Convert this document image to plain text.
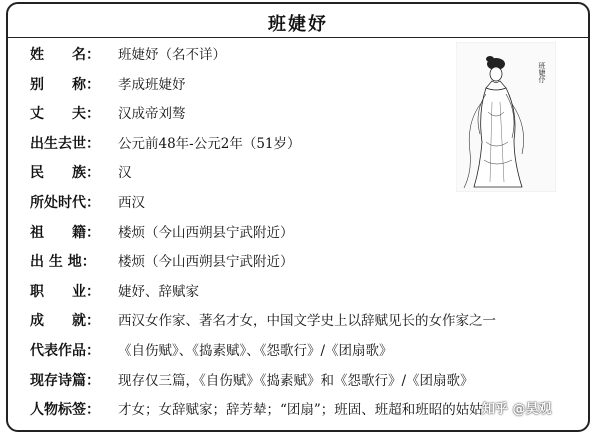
班婕妤
姓　　名： 班婕妤（名不详）
别　　称： 孝成班婕妤
丈　　夫： 汉成帝刘骜
出生去世： 公元前48年-公元2年（51岁）
民　　族： 汉
所处时代： 西汉
祖　　籍： 楼烦（今山西朔县宁武附近）
出 生 地： 楼烦（今山西朔县宁武附近）
职　　业： 婕妤、辞赋家
成　　就： 西汉女作家、著名才女，中国文学史上以辞赋见长的女作家之一
代表作品： 《自伤赋》、《捣素赋》、《怨歌行》/《团扇歌》
现存诗篇： 现存仅三篇，《自伤赋》《捣素赋》和《怨歌行》/《团扇歌》
人物标签： 才女；女辞赋家；辞芳辇；“团扇”；班固、班超和班昭的姑姑
班婕伃
知乎 @昊观
